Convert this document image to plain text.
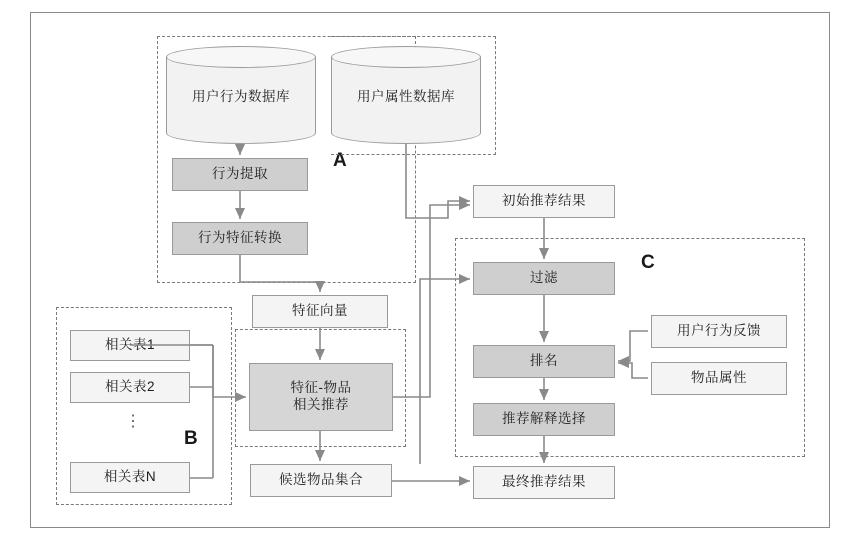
A
B
C
用户行为数据库	用户属性数据库
行为提取
行为特征转换
特征向量
相关表1
相关表2
⋮
相关表N
特征-物品
相关推荐
候选物品集合
初始推荐结果
过滤
排名
推荐解释选择
用户行为反馈
物品属性
最终推荐结果
